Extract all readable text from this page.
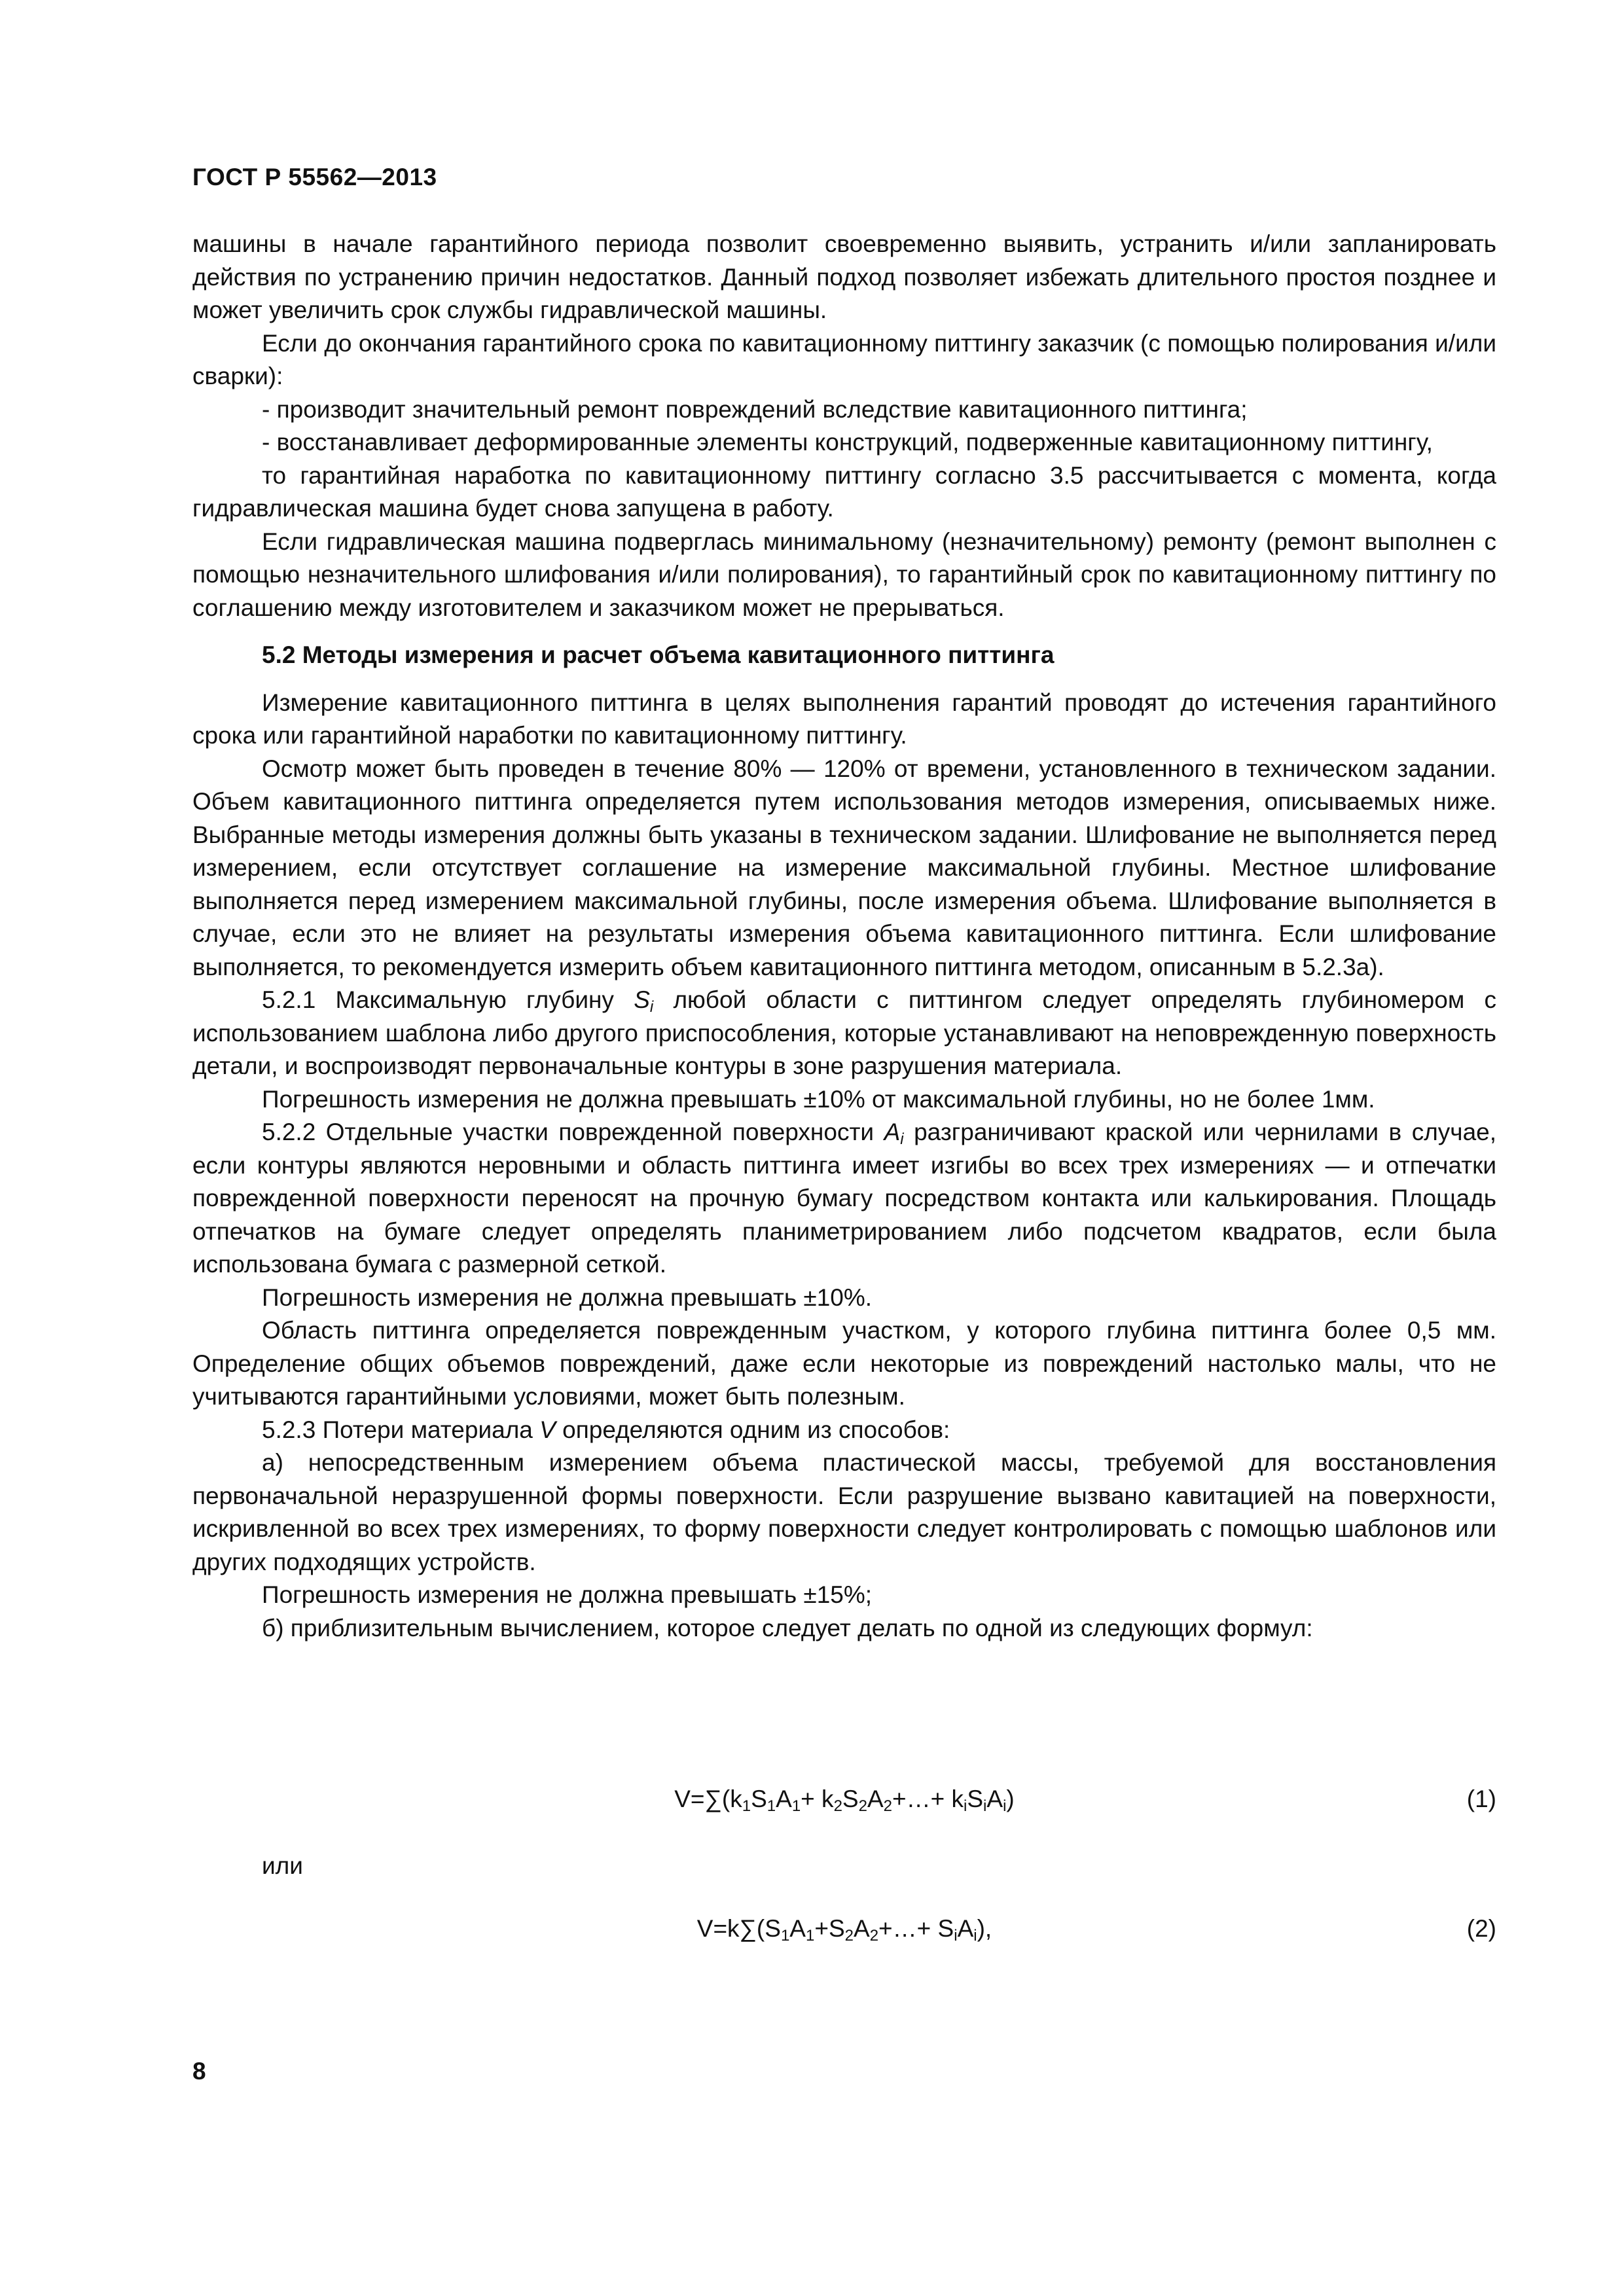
ГОСТ Р 55562—2013

машины в начале гарантийного периода позволит своевременно выявить, устранить и/или запланировать действия по устранению причин недостатков. Данный подход позволяет избежать длительного простоя позднее и может увеличить срок службы гидравлической машины.

Если до окончания гарантийного срока по кавитационному питтингу заказчик (с помощью полирования и/или сварки):

- производит значительный ремонт повреждений вследствие кавитационного питтинга;

- восстанавливает деформированные элементы конструкций, подверженные кавитационному питтингу,

то гарантийная наработка по кавитационному питтингу согласно 3.5 рассчитывается с момента, когда гидравлическая машина будет снова запущена в работу.

Если гидравлическая машина подверглась минимальному (незначительному) ремонту (ремонт выполнен с помощью незначительного шлифования и/или полирования), то гарантийный срок по кавитационному питтингу по соглашению между изготовителем и заказчиком может не прерываться.

5.2 Методы измерения и расчет объема кавитационного питтинга

Измерение кавитационного питтинга в целях выполнения гарантий проводят до истечения гарантийного срока или гарантийной наработки по кавитационному питтингу.

Осмотр может быть проведен в течение 80% — 120% от времени, установленного в техническом задании. Объем кавитационного питтинга определяется путем использования методов измерения, описываемых ниже. Выбранные методы измерения должны быть указаны в техническом задании. Шлифование не выполняется перед измерением, если отсутствует соглашение на измерение максимальной глубины. Местное шлифование выполняется перед измерением максимальной глубины, после измерения объема. Шлифование выполняется в случае, если это не влияет на результаты измерения объема кавитационного питтинга. Если шлифование выполняется, то рекомендуется измерить объем кавитационного питтинга методом, описанным в 5.2.3а).

5.2.1 Максимальную глубину $S_i$ любой области с питтингом следует определять глубиномером с использованием шаблона либо другого приспособления, которые устанавливают на неповрежденную поверхность детали, и воспроизводят первоначальные контуры в зоне разрушения материала.

Погрешность измерения не должна превышать ±10% от максимальной глубины, но не более 1мм.

5.2.2 Отдельные участки поврежденной поверхности $A_i$ разграничивают краской или чернилами в случае, если контуры являются неровными и область питтинга имеет изгибы во всех трех измерениях — и отпечатки поврежденной поверхности переносят на прочную бумагу посредством контакта или калькирования. Площадь отпечатков на бумаге следует определять планиметрированием либо подсчетом квадратов, если была использована бумага с размерной сеткой.

Погрешность измерения не должна превышать ±10%.

Область питтинга определяется поврежденным участком, у которого глубина питтинга более 0,5 мм. Определение общих объемов повреждений, даже если некоторые из повреждений настолько малы, что не учитываются гарантийными условиями, может быть полезным.

5.2.3 Потери материала V определяются одним из способов:

а) непосредственным измерением объема пластической массы, требуемой для восстановления первоначальной неразрушенной формы поверхности. Если разрушение вызвано кавитацией на поверхности, искривленной во всех трех измерениях, то форму поверхности следует контролировать с помощью шаблонов или других подходящих устройств.

Погрешность измерения не должна превышать ±15%;

б) приблизительным вычислением, которое следует делать по одной из следующих формул:

$V=\sum(k_1S_1A_1+$ $k_2S_2A_2+\dots+ k_iS_iA_i$)	(1)
или
$V=k\sum(S_1A_1+S_2A_2+\dots+ S_iA_i)$,	(2)
8
